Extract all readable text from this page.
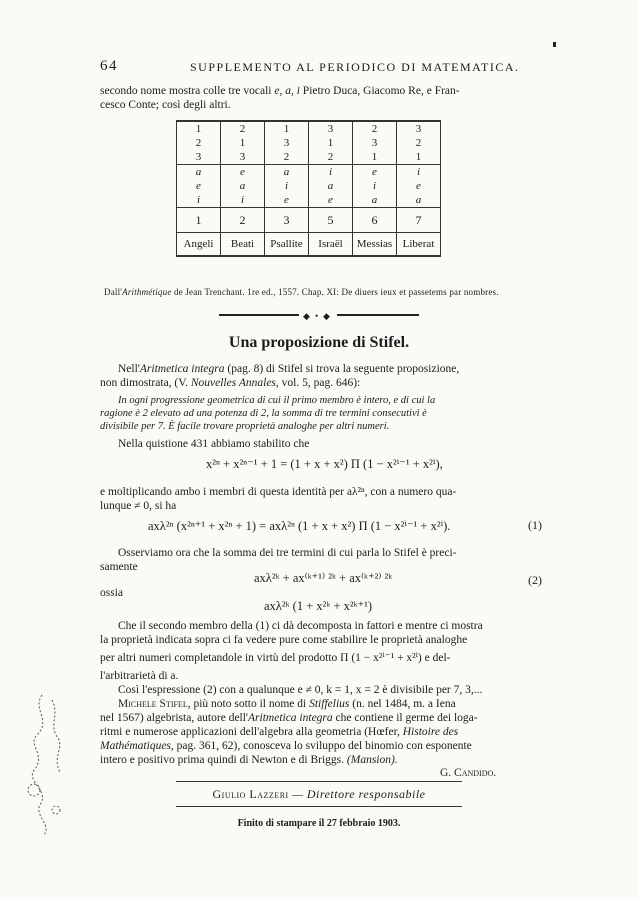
64	SUPPLEMENTO AL PERIODICO DI MATEMATICA.
secondo nome mostra colle tre vocali e, a, i Pietro Duca, Giacomo Re, e Fran-
cesco Conte; così degli altri.
1	2	1	3	2	3
2	1	3	1	3	2
3	3	2	2	1	1
a	e	a	i	e	i
e	a	i	a	i	e
i	i	e	e	a	a
1	2	3	5	6	7
Angeli	Beati	Psallite	Israël	Messias	Liberat
Dall'Arithmétique de Jean Trenchant. 1re ed., 1557. Chap. XI: De diuers ieux et passetems par nombres.
◆ • ◆
Una proposizione di Stifel.
Nell'Aritmetica integra (pag. 8) di Stifel si trova la seguente proposizione,
non dimostrata, (V. Nouvelles Annales, vol. 5, pag. 646):
In ogni progressione geometrica di cui il primo membro è intero, e di cui la
ragione è 2 elevato ad una potenza di 2, la somma di tre termini consecutivi è
divisibile per 7. È facile trovare proprietà analoghe per altri numeri.
Nella quistione 431 abbiamo stabilito che
x²ⁿ + x²ⁿ⁻¹ + 1 = (1 + x + x²) Π (1 − x²ⁱ⁻¹ + x²ⁱ),
e moltiplicando ambo i membri di questa identità per aλ²ⁿ, con a numero qua-
lunque ≠ 0, si ha
axλ²ⁿ (x²ⁿ⁺¹ + x²ⁿ + 1) = axλ²ⁿ (1 + x + x²) Π (1 − x²ⁱ⁻¹ + x²ⁱ).	(1)
Osserviamo ora che la somma dei tre termini di cui parla lo Stifel è preci-
samente
axλ²ᵏ + ax⁽ᵏ⁺¹⁾ ²ᵏ + ax⁽ᵏ⁺²⁾ ²ᵏ	(2)
ossia
axλ²ᵏ (1 + x²ᵏ + x²ᵏ⁺¹)
Che il secondo membro della (1) ci dà decomposta in fattori e mentre ci mostra
la proprietà indicata sopra ci fa vedere pure come stabilire le proprietà analoghe
per altri numeri completandole in virtù del prodotto Π (1 − x²ⁱ⁻¹ + x²ⁱ) e del-
l'arbitrarietà di a.
Così l'espressione (2) con a qualunque e ≠ 0, k = 1, x = 2 è divisibile per 7, 3,...
Michele Stifel, più noto sotto il nome di Stiffelius (n. nel 1484, m. a Iena
nel 1567) algebrista, autore dell'Aritmetica integra che contiene il germe dei loga-
ritmi e numerose applicazioni dell'algebra alla geometria (Hœfer, Histoire des
Mathématiques, pag. 361, 62), conosceva lo sviluppo del binomio con esponente
intero e positivo prima quindi di Newton e di Briggs. (Mansion).
G. Candido.
Giulio Lazzeri — Direttore responsabile
Finito di stampare il 27 febbraio 1903.
